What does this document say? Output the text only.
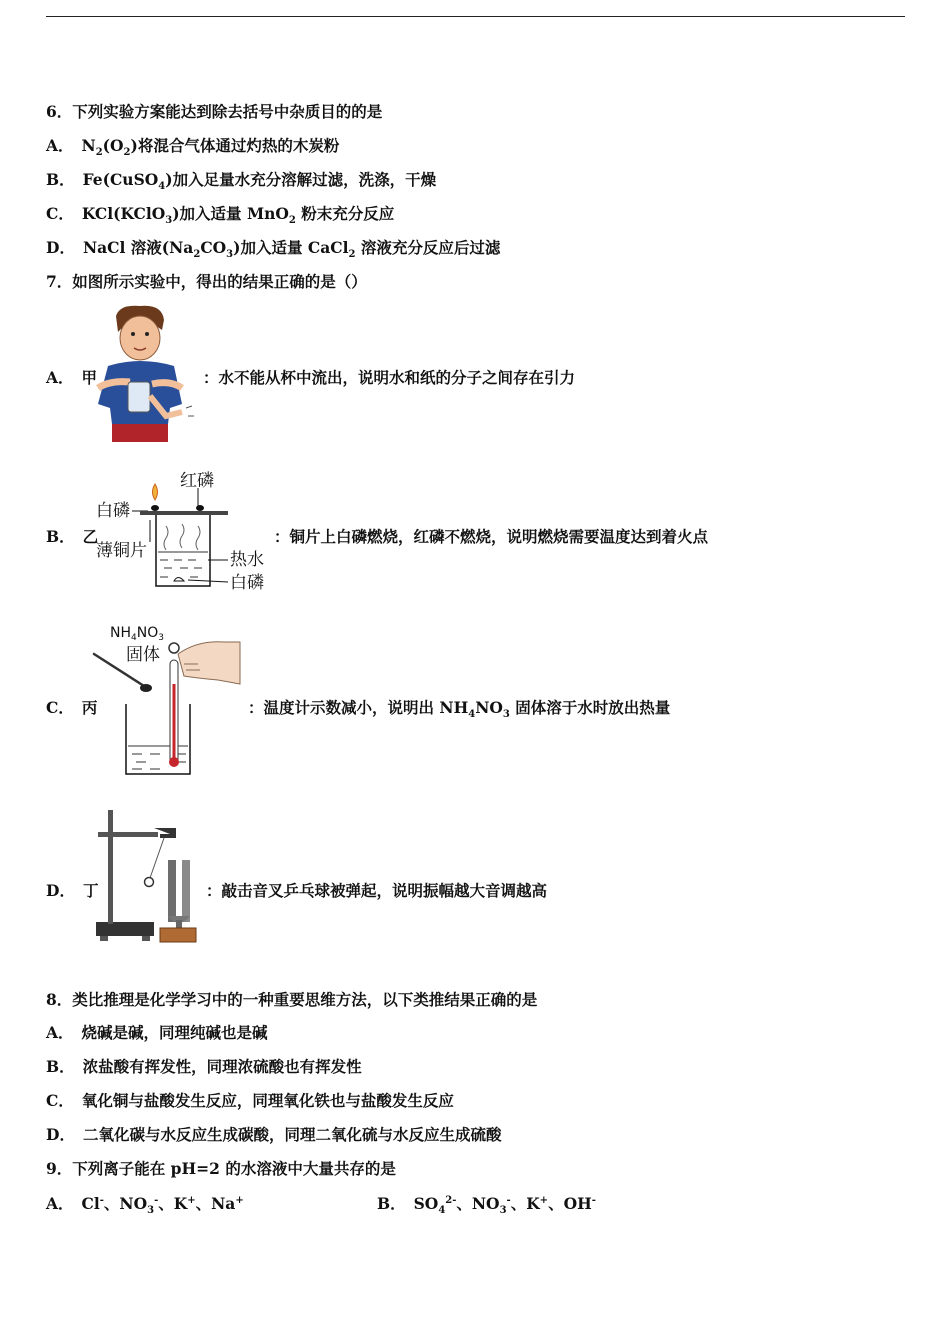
6．下列实验方案能达到除去括号中杂质目的的是
A． $N_2(O_2)$将混合气体通过灼热的木炭粉
B． Fe(CuSO$_4$)加入足量水充分溶解过滤，洗涤，干燥
C． KCl(KClO$_3$)加入适量 MnO$_2$ 粉末充分反应
D． NaCl 溶液$(Na_2CO_3)$加入适量 CaCl$_2$ 溶液充分反应后过滤
7．如图所示实验中，得出的结果正确的是（）
A． 甲	：水不能从杯中流出，说明水和纸的分子之间存在引力
B． 乙
红磷
白磷
薄铜片	热水
白磷
：铜片上白磷燃烧，红磷不燃烧，说明燃烧需要温度达到着火点
C． 丙
$NH_4NO_3$
固体
：温度计示数减小，说明出 $NH_4NO_3$ 固体溶于水时放出热量
D． 丁	：敲击音叉乒乓球被弹起，说明振幅越大音调越高
8．类比推理是化学学习中的一种重要思维方法，以下类推结果正确的是
A． 烧碱是碱，同理纯碱也是碱
B． 浓盐酸有挥发性，同理浓硫酸也有挥发性
C． 氧化铜与盐酸发生反应，同理氧化铁也与盐酸发生反应
D． 二氧化碳与水反应生成碳酸，同理二氧化硫与水反应生成硫酸
9．下列离子能在 pH=2 的水溶液中大量共存的是
A． Cl-、$NO_3^-$、K+、Na+	B． $SO_4^{2-}$、$NO_3^-$、K+、OH-
